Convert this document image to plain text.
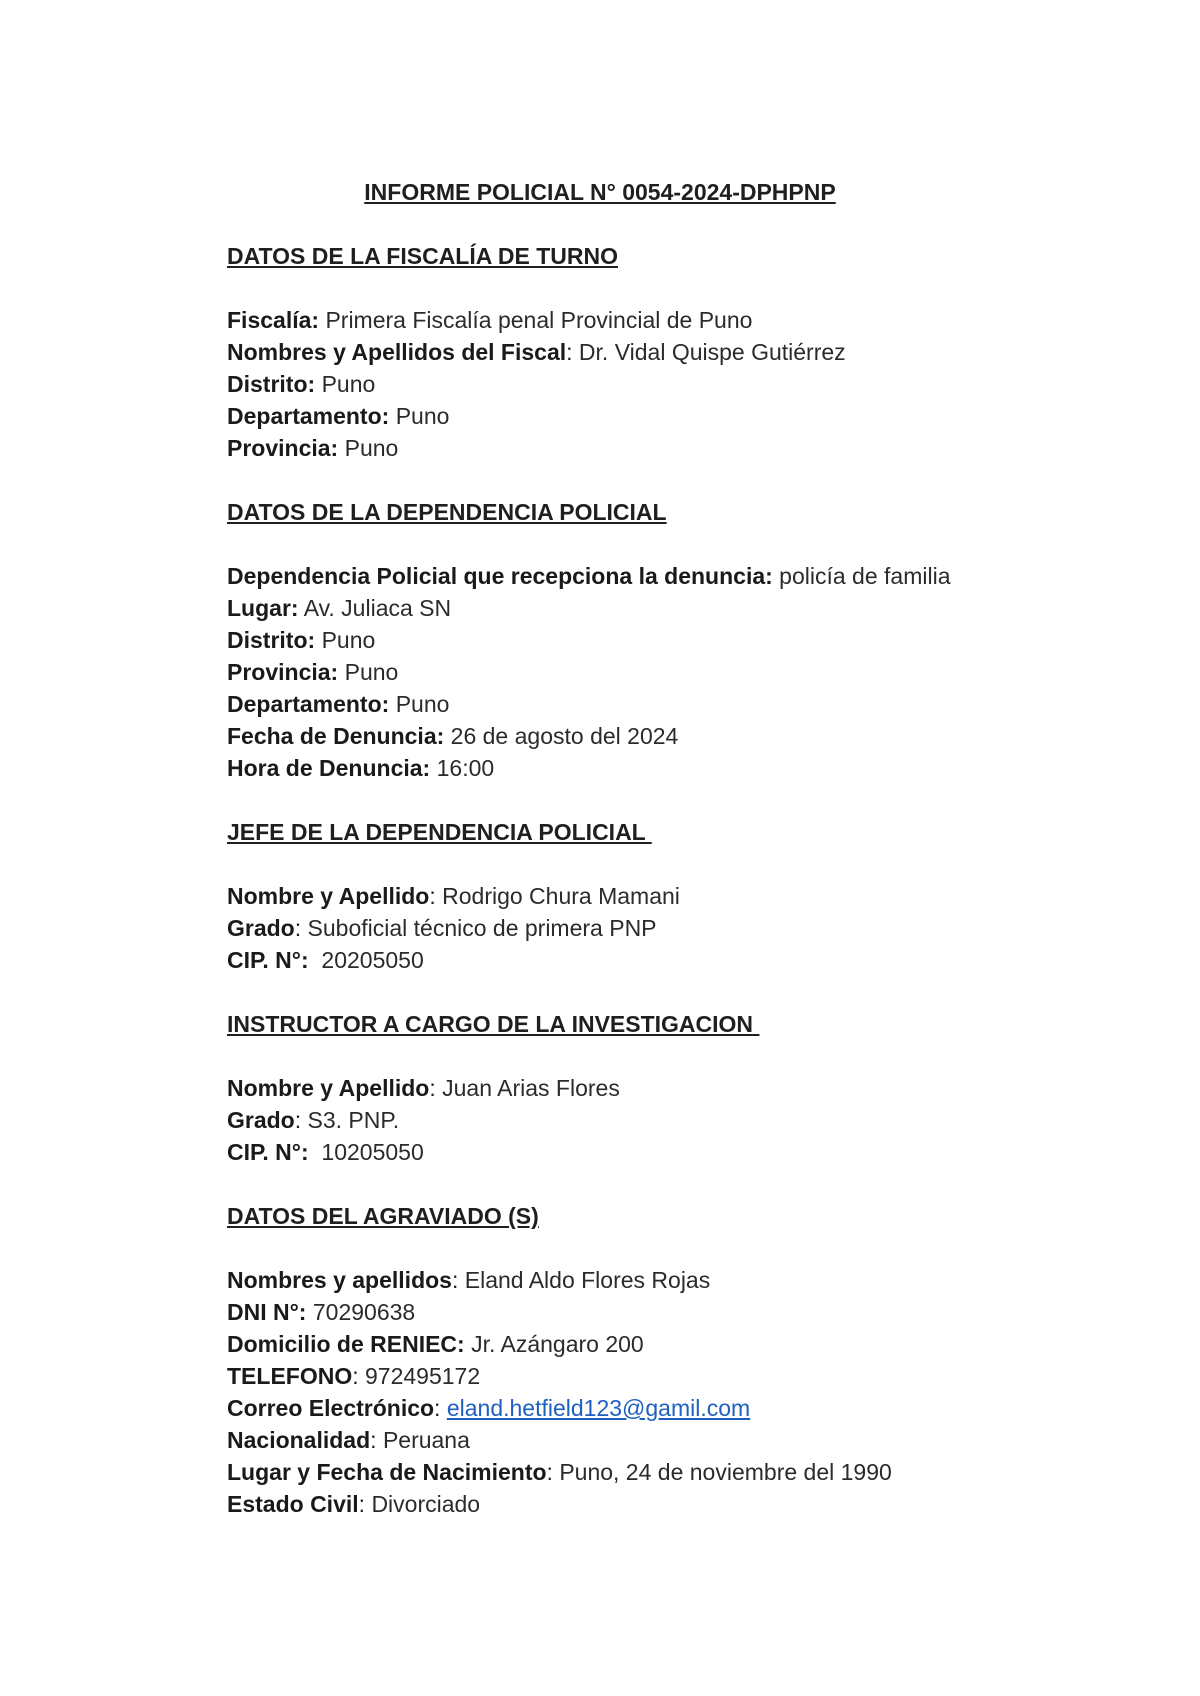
INFORME POLICIAL N° 0054-2024-DPHPNP
DATOS DE LA FISCALÍA DE TURNO
Fiscalía: Primera Fiscalía penal Provincial de Puno
Nombres y Apellidos del Fiscal: Dr. Vidal Quispe Gutiérrez
Distrito: Puno
Departamento: Puno
Provincia: Puno
DATOS DE LA DEPENDENCIA POLICIAL
Dependencia Policial que recepciona la denuncia: policía de familia
Lugar: Av. Juliaca SN
Distrito: Puno
Provincia: Puno
Departamento: Puno
Fecha de Denuncia: 26 de agosto del 2024
Hora de Denuncia: 16:00
JEFE DE LA DEPENDENCIA POLICIAL
Nombre y Apellido: Rodrigo Chura Mamani
Grado: Suboficial técnico de primera PNP
CIP. N°: 20205050
INSTRUCTOR A CARGO DE LA INVESTIGACION
Nombre y Apellido: Juan Arias Flores
Grado: S3. PNP.
CIP. N°: 10205050
DATOS DEL AGRAVIADO (S)
Nombres y apellidos: Eland Aldo Flores Rojas
DNI N°: 70290638
Domicilio de RENIEC: Jr. Azángaro 200
TELEFONO: 972495172
Correo Electrónico: eland.hetfield123@gamil.com
Nacionalidad: Peruana
Lugar y Fecha de Nacimiento: Puno, 24 de noviembre del 1990
Estado Civil: Divorciado
